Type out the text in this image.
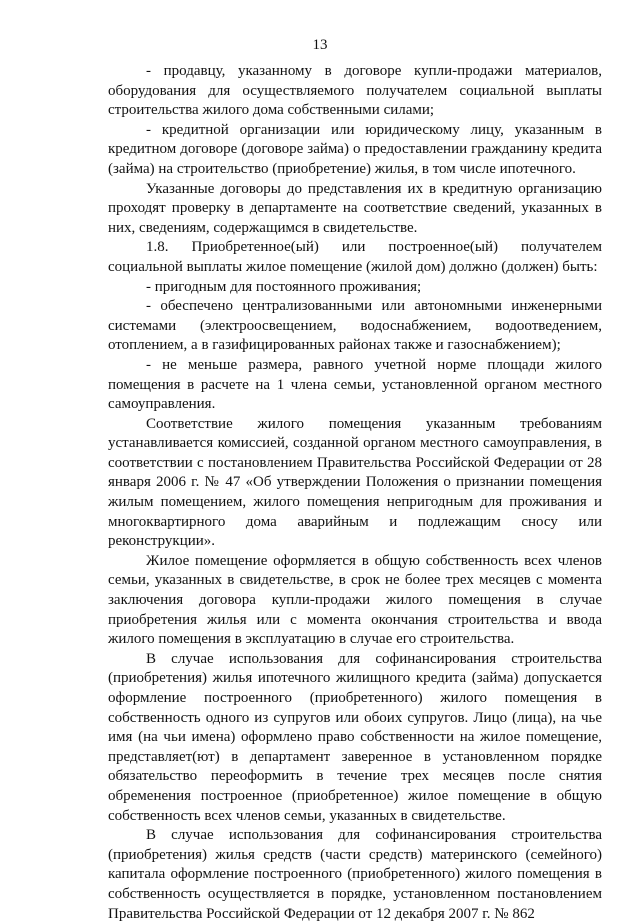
13

- продавцу, указанному в договоре купли-продажи материалов, оборудования для осуществляемого получателем социальной выплаты строительства жилого дома собственными силами;

- кредитной организации или юридическому лицу, указанным в кредитном договоре (договоре займа) о предоставлении гражданину кредита (займа) на строительство (приобретение) жилья, в том числе ипотечного.

Указанные договоры до представления их в кредитную организацию проходят проверку в департаменте на соответствие сведений, указанных в них, сведениям, содержащимся в свидетельстве.

1.8. Приобретенное(ый) или построенное(ый) получателем социальной выплаты жилое помещение (жилой дом) должно (должен) быть:

- пригодным для постоянного проживания;

- обеспечено централизованными или автономными инженерными системами (электроосвещением, водоснабжением, водоотведением, отоплением, а в газифицированных районах также и газоснабжением);

- не меньше размера, равного учетной норме площади жилого помещения в расчете на 1 члена семьи, установленной органом местного самоуправления.

Соответствие жилого помещения указанным требованиям устанавливается комиссией, созданной органом местного самоуправления, в соответствии с постановлением Правительства Российской Федерации от 28 января 2006 г. № 47 «Об утверждении Положения о признании помещения жилым помещением, жилого помещения непригодным для проживания и многоквартирного дома аварийным и подлежащим сносу или реконструкции».

Жилое помещение оформляется в общую собственность всех членов семьи, указанных в свидетельстве, в срок не более трех месяцев с момента заключения договора купли-продажи жилого помещения в случае приобретения жилья или с момента окончания строительства и ввода жилого помещения в эксплуатацию в случае его строительства.

В случае использования для софинансирования строительства (приобретения) жилья ипотечного жилищного кредита (займа) допускается оформление построенного (приобретенного) жилого помещения в собственность одного из супругов или обоих супругов. Лицо (лица), на чье имя (на чьи имена) оформлено право собственности на жилое помещение, представляет(ют) в департамент заверенное в установленном порядке обязательство переоформить в течение трех месяцев после снятия обременения построенное (приобретенное) жилое помещение в общую собственность всех членов семьи, указанных в свидетельстве.

В случае использования для софинансирования строительства (приобретения) жилья средств (части средств) материнского (семейного) капитала оформление построенного (приобретенного) жилого помещения в собственность осуществляется в порядке, установленном постановлением Правительства Российской Федерации от 12 декабря 2007 г. № 862
